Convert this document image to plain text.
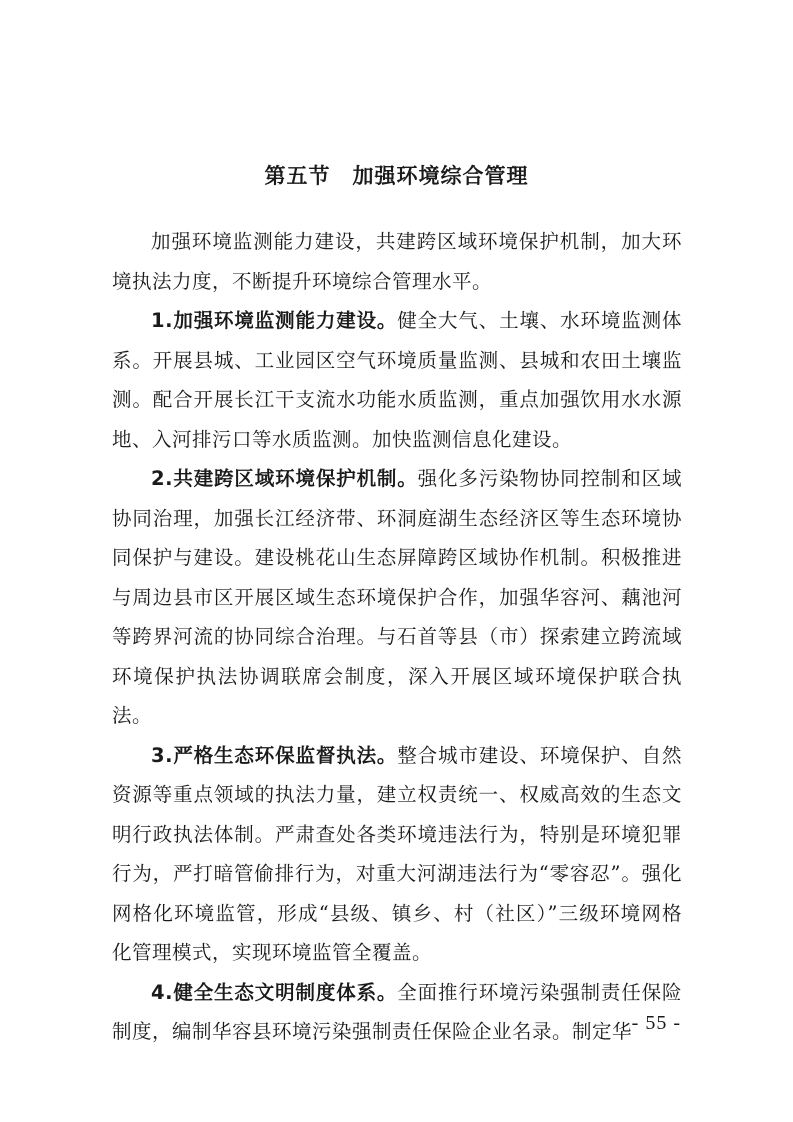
第五节　加强环境综合管理

加强环境监测能力建设，共建跨区域环境保护机制，加大环境执法力度，不断提升环境综合管理水平。

1.加强环境监测能力建设。健全大气、土壤、水环境监测体系。开展县城、工业园区空气环境质量监测、县城和农田土壤监测。配合开展长江干支流水功能水质监测，重点加强饮用水水源地、入河排污口等水质监测。加快监测信息化建设。

2.共建跨区域环境保护机制。强化多污染物协同控制和区域协同治理，加强长江经济带、环洞庭湖生态经济区等生态环境协同保护与建设。建设桃花山生态屏障跨区域协作机制。积极推进与周边县市区开展区域生态环境保护合作，加强华容河、藕池河等跨界河流的协同综合治理。与石首等县（市）探索建立跨流域环境保护执法协调联席会制度，深入开展区域环境保护联合执法。

3.严格生态环保监督执法。整合城市建设、环境保护、自然资源等重点领域的执法力量，建立权责统一、权威高效的生态文明行政执法体制。严肃查处各类环境违法行为，特别是环境犯罪行为，严打暗管偷排行为，对重大河湖违法行为“零容忍”。强化网格化环境监管，形成“县级、镇乡、村（社区）”三级环境网格化管理模式，实现环境监管全覆盖。

4.健全生态文明制度体系。全面推行环境污染强制责任保险制度，编制华容县环境污染强制责任保险企业名录。制定华 - 55 -
